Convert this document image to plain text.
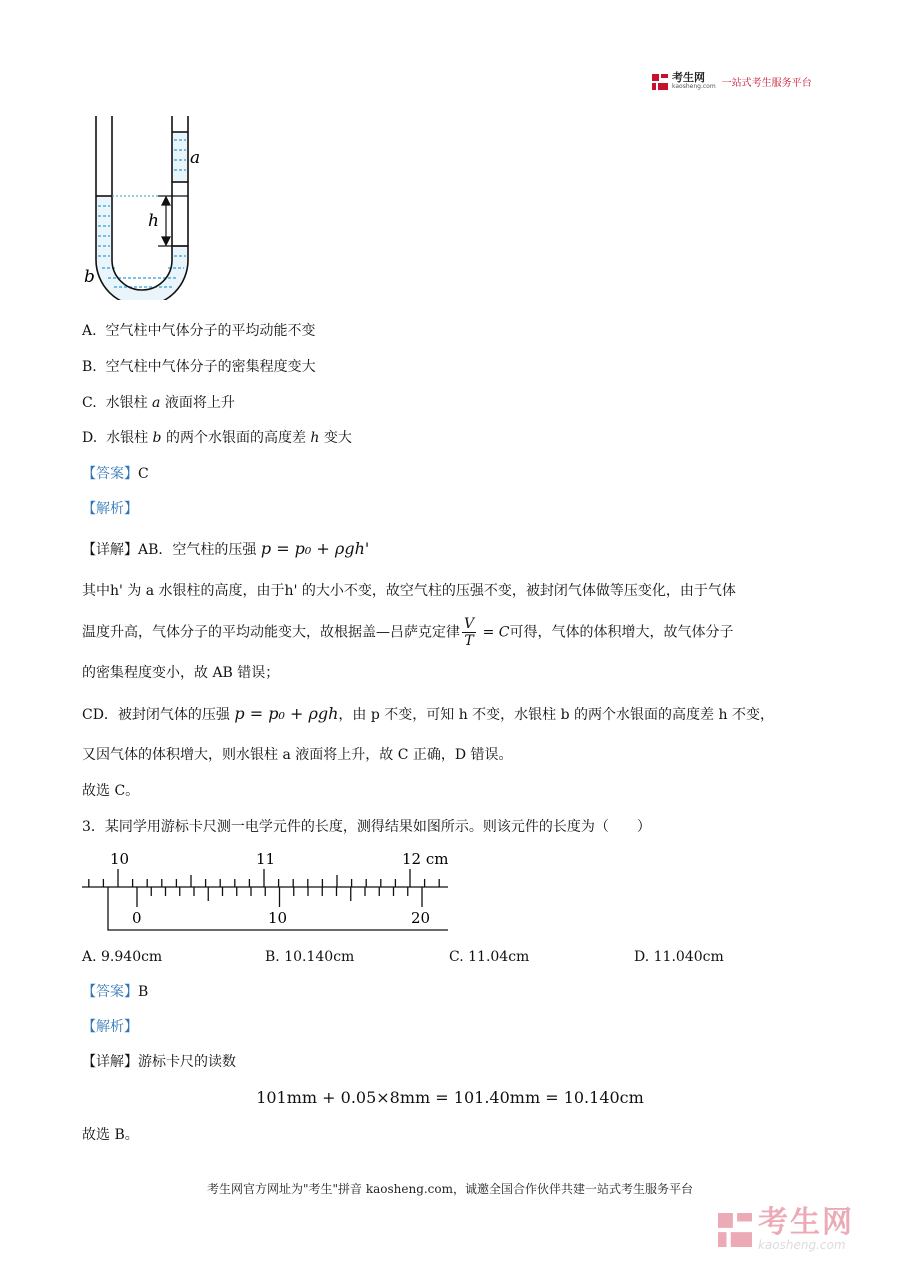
考生网
kaosheng.com 一站式考生服务平台
a
h
b
A. 空气柱中气体分子的平均动能不变
B. 空气柱中气体分子的密集程度变大
C. 水银柱 a 液面将上升
D. 水银柱 b 的两个水银面的高度差 h 变大
【答案】C
【解析】
【详解】AB．空气柱的压强 p = p₀ + ρgh'
其中h' 为 a 水银柱的高度，由于h' 的大小不变，故空气柱的压强不变，被封闭气体做等压变化，由于气体
温度升高，气体分子的平均动能变大，故根据盖—吕萨克定律 $\frac{V}{T} = C$可得，气体的体积增大，故气体分子
的密集程度变小，故 AB 错误；
CD．被封闭气体的压强 p = p₀ + ρgh，由 p 不变，可知 h 不变，水银柱 b 的两个水银面的高度差 h 不变，
又因气体的体积增大，则水银柱 a 液面将上升，故 C 正确，D 错误。
故选 C。
3．某同学用游标卡尺测一电学元件的长度，测得结果如图所示。则该元件的长度为（　　）
10	11	12 cm
0	10	20
A. 9.940cm	B. 10.140cm	C. 11.04cm	D. 11.040cm
【答案】B
【解析】
【详解】游标卡尺的读数
101mm + 0.05×8mm = 101.40mm = 10.140cm
故选 B。
考生网官方网址为"考生"拼音 kaosheng.com，诚邀全国合作伙伴共建一站式考生服务平台
考生网
kaosheng.com
